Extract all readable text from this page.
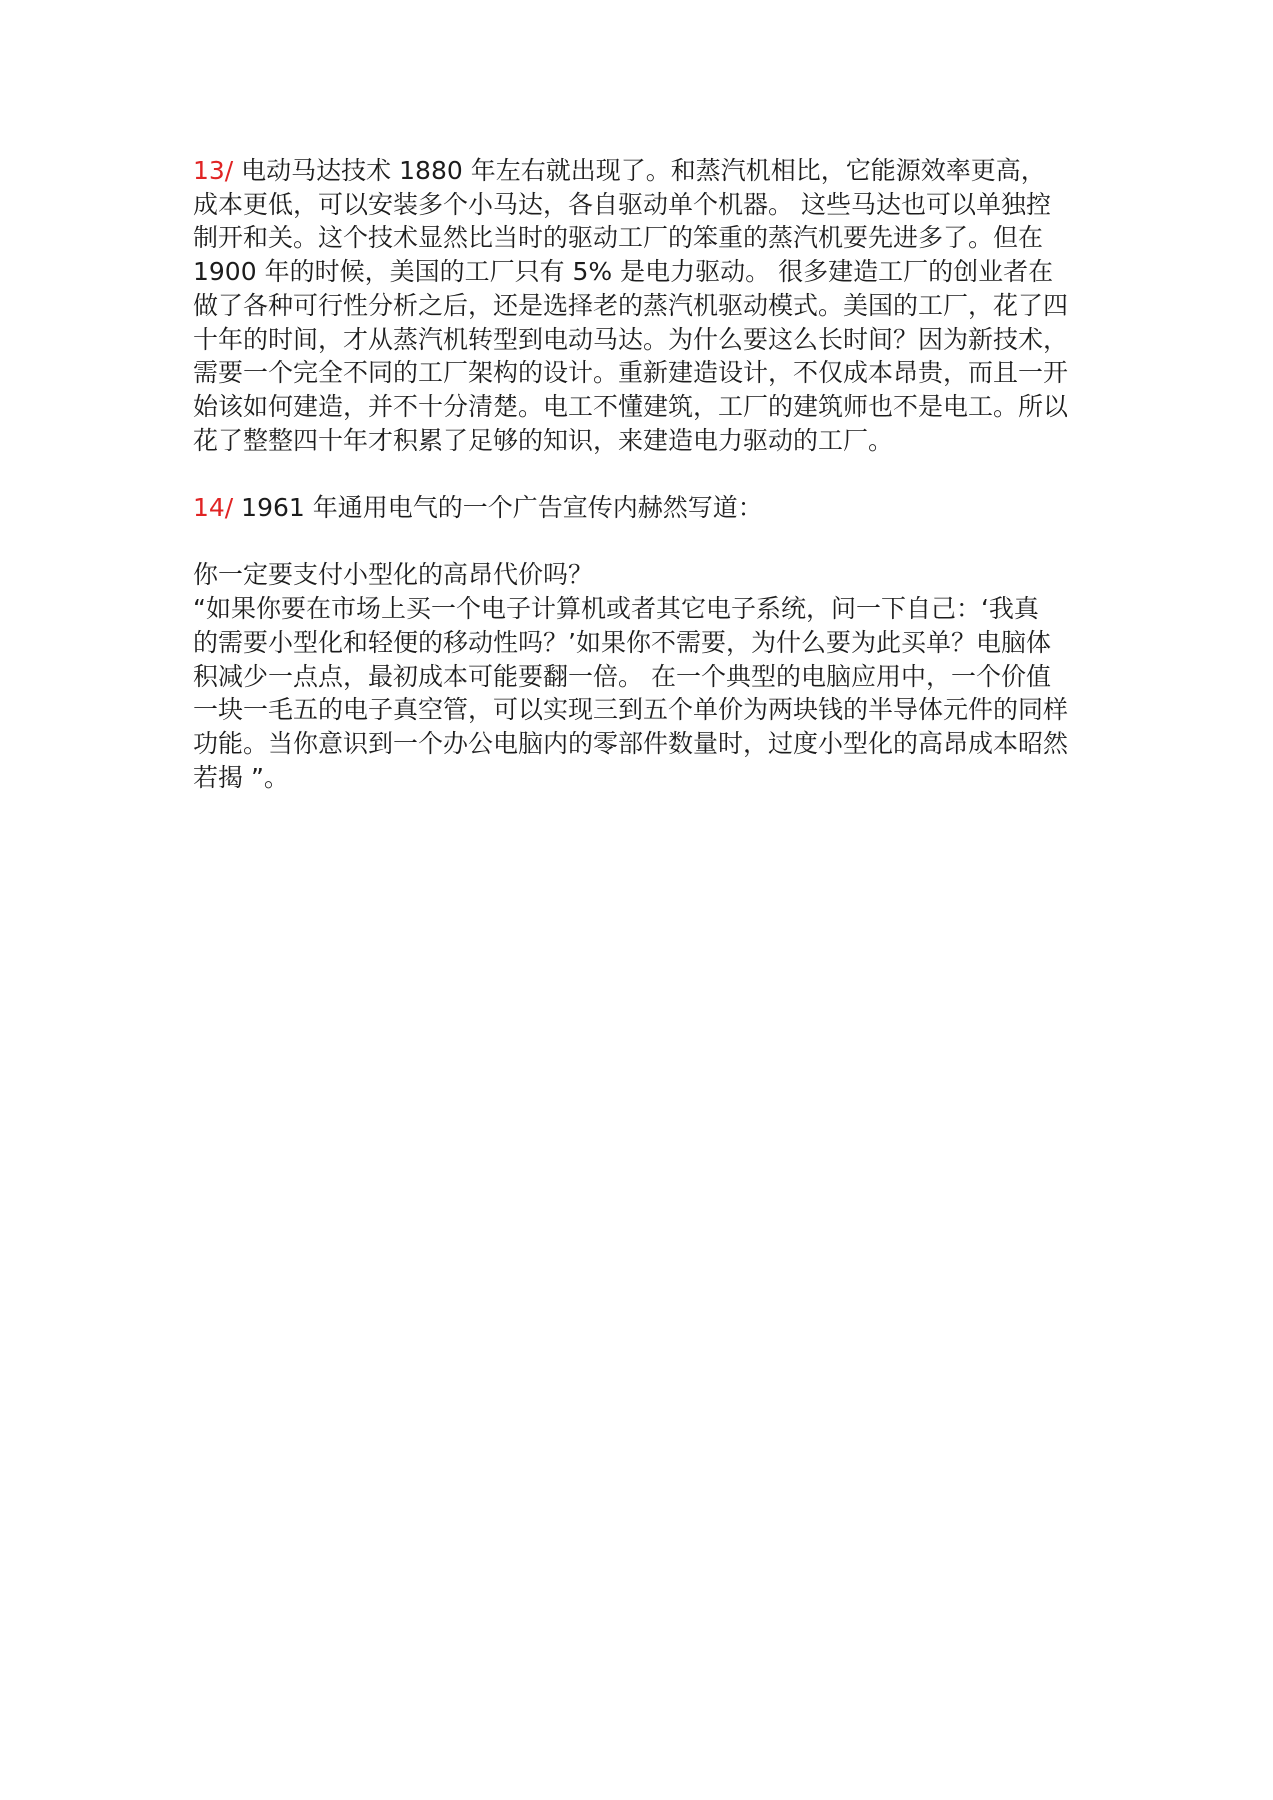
13/ 电动马达技术 1880 年左右就出现了。和蒸汽机相比，它能源效率更高，
成本更低，可以安装多个小马达，各自驱动单个机器。 这些马达也可以单独控
制开和关。这个技术显然比当时的驱动工厂的笨重的蒸汽机要先进多了。但在
1900 年的时候，美国的工厂只有 5% 是电力驱动。 很多建造工厂的创业者在
做了各种可行性分析之后，还是选择老的蒸汽机驱动模式。美国的工厂，花了四
十年的时间，才从蒸汽机转型到电动马达。为什么要这么长时间？因为新技术，
需要一个完全不同的工厂架构的设计。重新建造设计，不仅成本昂贵，而且一开
始该如何建造，并不十分清楚。电工不懂建筑，工厂的建筑师也不是电工。所以
花了整整四十年才积累了足够的知识，来建造电力驱动的工厂。

14/ 1961 年通用电气的一个广告宣传内赫然写道：

你一定要支付小型化的高昂代价吗？

“如果你要在市场上买一个电子计算机或者其它电子系统，问一下自己：‘我真
的需要小型化和轻便的移动性吗？’如果你不需要，为什么要为此买单？电脑体
积减少一点点，最初成本可能要翻一倍。 在一个典型的电脑应用中，一个价值
一块一毛五的电子真空管，可以实现三到五个单价为两块钱的半导体元件的同样
功能。当你意识到一个办公电脑内的零部件数量时，过度小型化的高昂成本昭然
若揭 ”。
